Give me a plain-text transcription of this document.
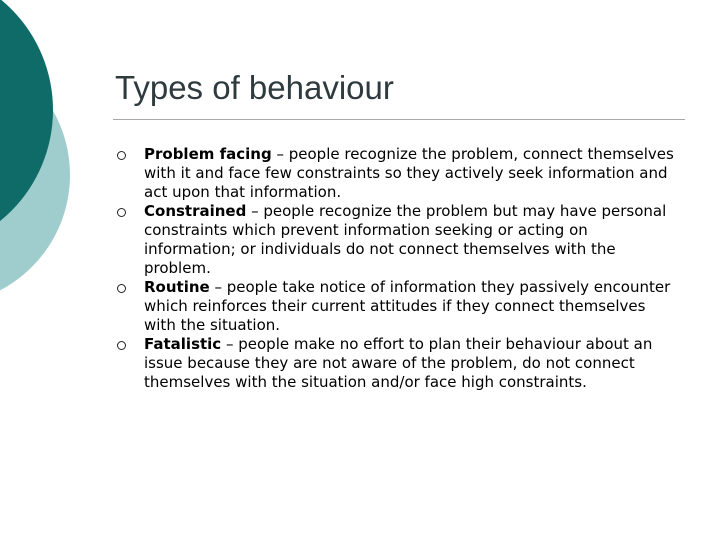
Types of behaviour
Problem facing – people recognize the problem, connect themselves with it and face few constraints so they actively seek information and act upon that information.
Constrained – people recognize the problem but may have personal constraints which prevent information seeking or acting on information; or individuals do not connect themselves with the problem.
Routine – people take notice of information they passively encounter which reinforces their current attitudes if they connect themselves with the situation.
Fatalistic – people make no effort to plan their behaviour about an issue because they are not aware of the problem, do not connect themselves with the situation and/or face high constraints.
